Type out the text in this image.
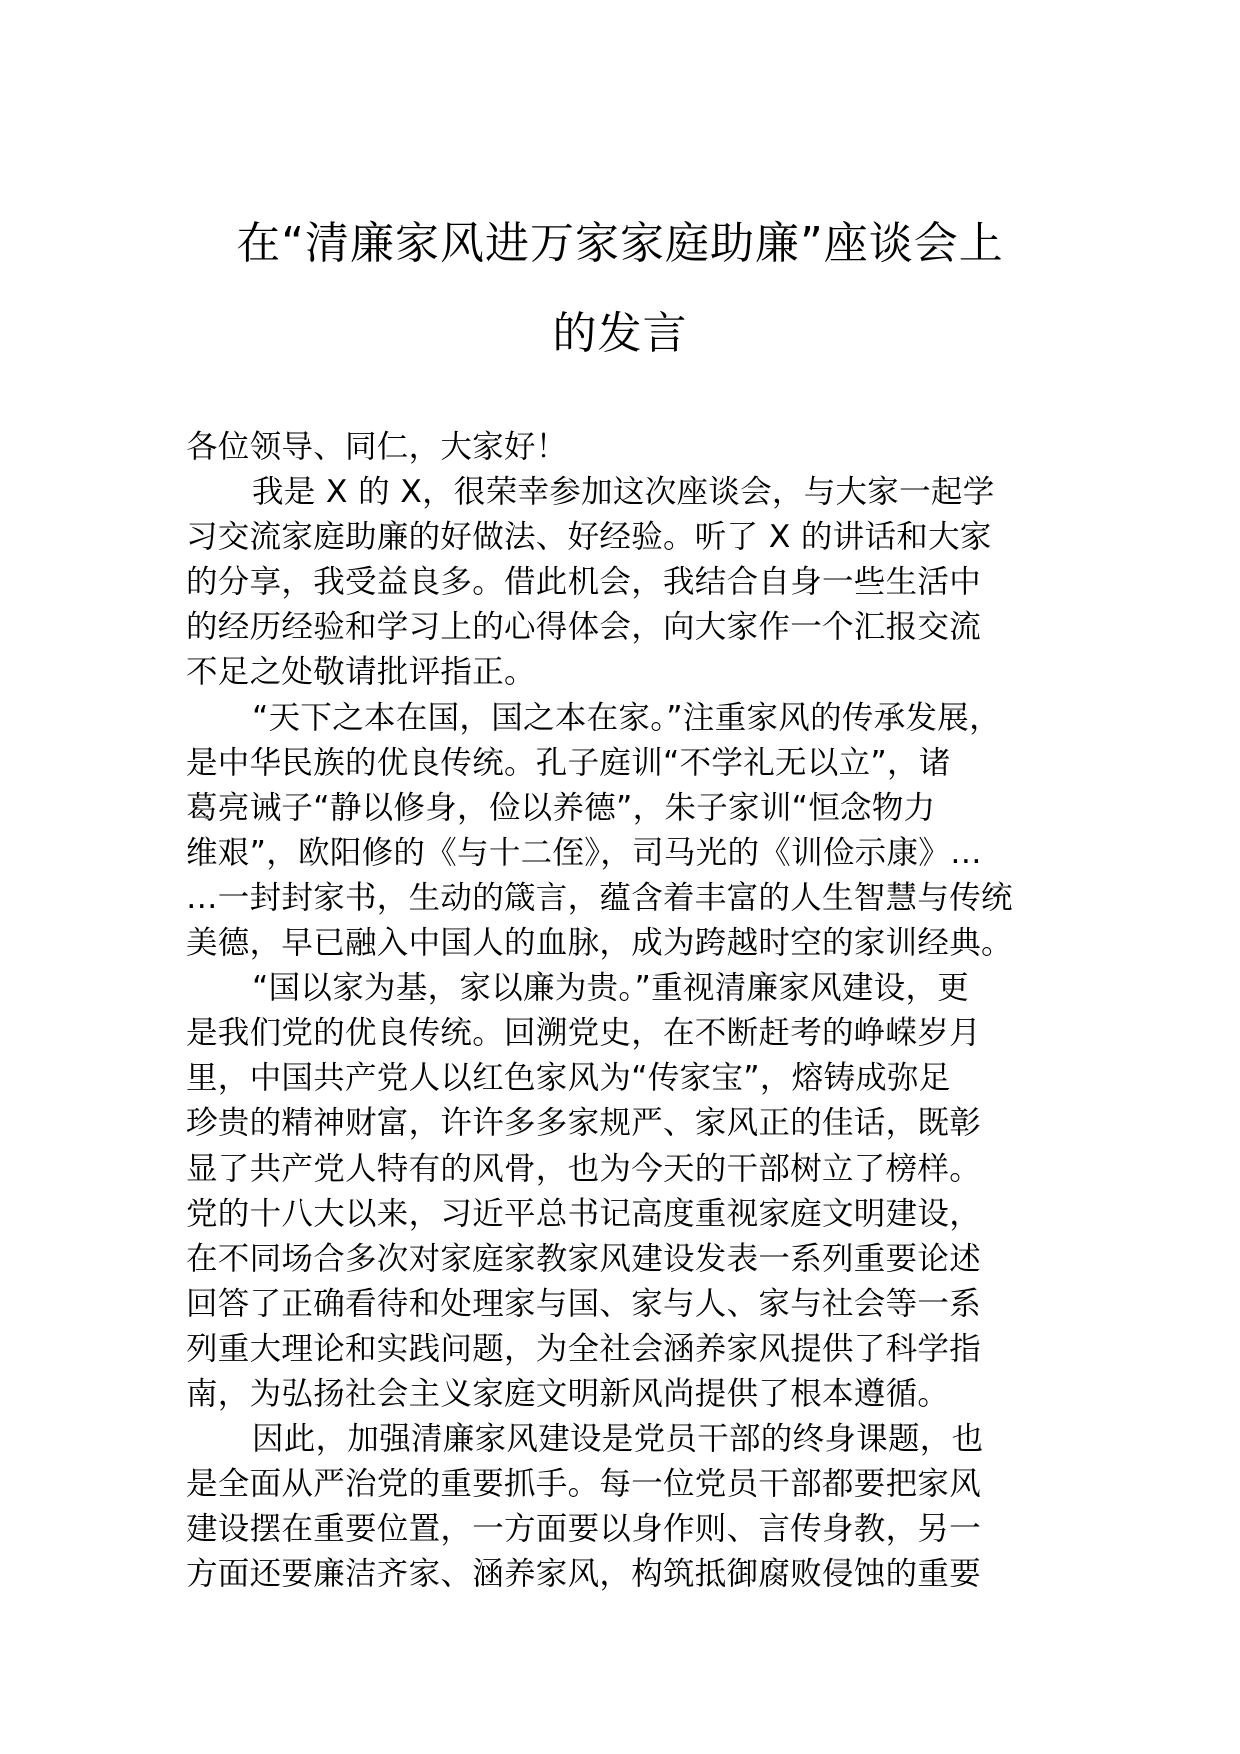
在“清廉家风进万家家庭助廉”座谈会上
的发言
各位领导、同仁，大家好！
我是 X 的 X，很荣幸参加这次座谈会，与大家一起学
习交流家庭助廉的好做法、好经验。听了 X 的讲话和大家
的分享，我受益良多。借此机会，我结合自身一些生活中
的经历经验和学习上的心得体会，向大家作一个汇报交流
不足之处敬请批评指正。
“天下之本在国，国之本在家。”注重家风的传承发展，
是中华民族的优良传统。孔子庭训“不学礼无以立”，诸
葛亮诫子“静以修身，俭以养德”，朱子家训“恒念物力
维艰”，欧阳修的《与十二侄》，司马光的《训俭示康》…
…一封封家书，生动的箴言，蕴含着丰富的人生智慧与传统
美德，早已融入中国人的血脉，成为跨越时空的家训经典。
“国以家为基，家以廉为贵。”重视清廉家风建设，更
是我们党的优良传统。回溯党史，在不断赶考的峥嵘岁月
里，中国共产党人以红色家风为“传家宝”，熔铸成弥足
珍贵的精神财富，许许多多家规严、家风正的佳话，既彰
显了共产党人特有的风骨，也为今天的干部树立了榜样。
党的十八大以来，习近平总书记高度重视家庭文明建设，
在不同场合多次对家庭家教家风建设发表一系列重要论述
回答了正确看待和处理家与国、家与人、家与社会等一系
列重大理论和实践问题，为全社会涵养家风提供了科学指
南，为弘扬社会主义家庭文明新风尚提供了根本遵循。
因此，加强清廉家风建设是党员干部的终身课题，也
是全面从严治党的重要抓手。每一位党员干部都要把家风
建设摆在重要位置，一方面要以身作则、言传身教，另一
方面还要廉洁齐家、涵养家风，构筑抵御腐败侵蚀的重要
